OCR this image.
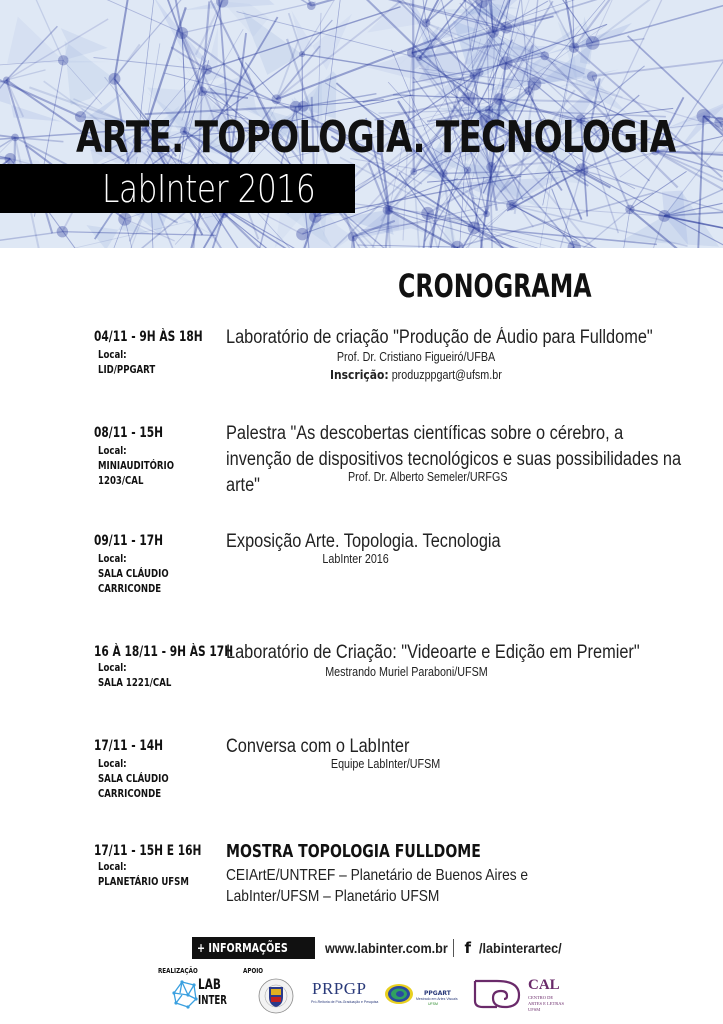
ARTE. TOPOLOGIA. TECNOLOGIA
LabInter 2016
CRONOGRAMA
04/11 - 9H ÀS 18H
Local:
LID/PPGART
Laboratório de criação "Produção de Áudio para Fulldome"
Prof. Dr. Cristiano Figueiró/UFBA
Inscrição: produzppgart@ufsm.br
08/11 - 15H
Local:
MINIAUDITÓRIO
1203/CAL
Palestra "As descobertas científicas sobre o cérebro, a invenção de dispositivos tecnológicos e suas possibilidades na arte"	Prof. Dr. Alberto Semeler/URFGS
09/11 - 17H
Local:
SALA CLÁUDIO
CARRICONDE
Exposição Arte. Topologia. Tecnologia
LabInter 2016
16 À 18/11 - 9H ÀS 17H
Local:
SALA 1221/CAL
Laboratório de Criação: "Videoarte e Edição em Premier"
Mestrando Muriel Paraboni/UFSM
17/11 - 14H
Local:
SALA CLÁUDIO
CARRICONDE
Conversa com o LabInter
Equipe LabInter/UFSM
17/11 - 15H E 16H
Local:
PLANETÁRIO UFSM
MOSTRA TOPOLOGIA FULLDOME
CEIArtE/UNTREF – Planetário de Buenos Aires e
LabInter/UFSM – Planetário UFSM
+ INFORMAÇÕES	www.labinter.com.br f /labinterartec/
REALIZAÇÃO	APOIO
LAB
INTER
PRPGP
Pró-Reitoria de Pós-Graduação e Pesquisa
PPGART
Mestrado em Artes Visuais
UFSM
CAL
CENTRO DE
ARTES E LETRAS
UFSM
